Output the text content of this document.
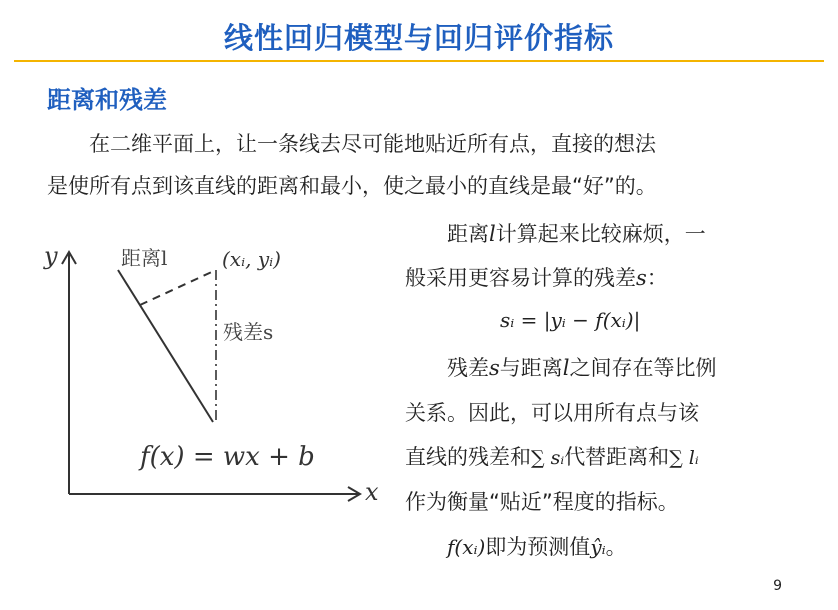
线性回归模型与回归评价指标
距离和残差
在二维平面上，让一条线去尽可能地贴近所有点，直接的想法
是使所有点到该直线的距离和最小，使之最小的直线是最“好”的。
y
x
距离l	(xᵢ, yᵢ)
残差s
f(x) = wx + b
距离l计算起来比较麻烦，一
般采用更容易计算的残差s：
sᵢ = |yᵢ − f(xᵢ)|
残差s与距离l之间存在等比例
关系。因此，可以用所有点与该
直线的残差和∑ sᵢ代替距离和∑ lᵢ
作为衡量“贴近”程度的指标。
f(xᵢ)即为预测值ŷᵢ。
9
